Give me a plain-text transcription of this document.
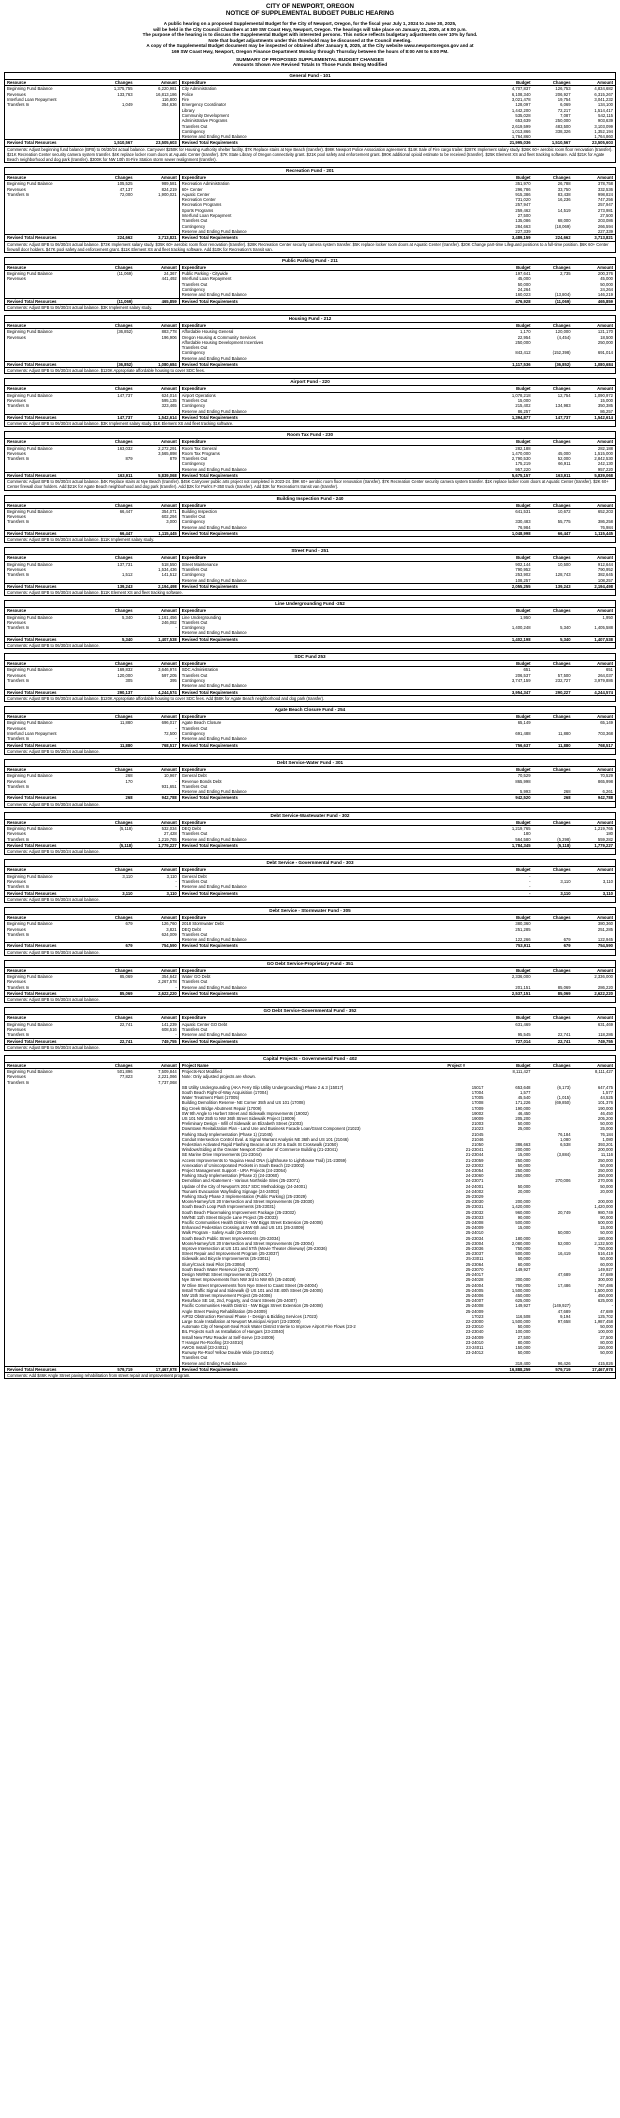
CITY OF NEWPORT, OREGON
NOTICE OF SUPPLEMENTAL BUDGET PUBLIC HEARING

A public hearing on a proposed Supplemental Budget for the City of Newport, Oregon, for the fiscal year July 1, 2024 to June 30, 2025,

will be held in the City Council Chambers at 169 SW Coast Hwy, Newport, Oregon. The hearings will take place on January 21, 2025, at 6:00 p.m.

The purpose of the hearing is to discuss the Supplemental Budget with interested persons. This notice reflects budgetary adjustments over 10% by fund.

Note that budget adjustments under this threshold may be discussed at the Council meeting.

A copy of the Supplemental Budget document may be inspected or obtained after January 8, 2025, at the City website www.newportoregon.gov and at

169 SW Coast Hwy, Newport, Oregon Finance Department Monday through Thursday between the hours of 8:00 AM to 6:00 PM.

SUMMARY OF PROPOSED SUPPLEMENTAL BUDGET CHANGES
Amounts Shown Are Revised Totals In Those Funds Being Modified
General Fund - 101
Resource	Changes	Amount	Expenditure	Budget	Changes	Amount
Beginning Fund Balance	1,375,755	6,220,981	City Administration	4,707,837	126,753	4,834,682
Revenues	133,763	16,813,186	Police	6,108,340	206,927	6,315,267
Interfund Loan Repayment		116,800	Fire	3,021,478	19,754	3,041,232
Transfers In	1,049	354,636	Emergency Coordinator	128,097	6,069	134,100
			Library	1,442,200	72,217	1,514,417
			Community Development	535,028	7,087	542,115
			Administrative Programs	653,639	250,000	903,639
			Transfers Out	2,619,599	483,500	3,103,099
			Contingency	1,013,866	338,326	1,352,194
			Reserve and Ending Fund Balance	1,764,860		1,764,860
Revised Total Resources	1,510,567	23,505,603	Revised Total Requirements	21,995,036	1,510,567	23,505,603
Comments: Adjust beginning fund balance (BFB) to 06/30/24 actual balance. Carryover $250K for Housing Authority shelter facility. $7K Replace stairs at Nye Beach (transfer). $98K Newport Police Association agreement. $14K Sale of Fire cargo trailer. $287K Implement salary study. $26K 60+ aerobic room floor renovation (transfer). $21K Recreation Center security camera system transfer. $4K replace locker room doors at Aquatic Center (transfer). $7K State Library of Oregon connectivity grant. $21K pool safety and enforcement grant. $90K additional opioid estimate to be received (transfer). $25K Element XS and fleet tracking software. Add $21K for Agate Beach neighborhood and dog park (transfer). $300K for NW 10th St-Fire Station storm sewer realignment (transfer).
Recreation Fund - 201
Resource	Changes	Amount	Expenditure	Budget	Changes	Amount
Beginning Fund Balance	105,525	989,581	Recreation Administration	351,970	26,788	378,758
Revenues	47,137	824,219	60+ Center	296,786	33,750	332,536
Transfers In	72,000	1,900,021	Aquatic Center	915,386	83,438	998,824
			Recreation Center	731,020	16,236	747,256
			Recreation Programs	257,947		257,947
			Sports Programs	259,462	14,519	273,981
			Interfund Loan Repayment	27,500		27,500
			Transfers Out	135,086	68,000	203,086
			Contingency	284,663	(18,069)	266,594
			Reserve and Ending Fund Balance	227,339		227,339
Revised Total Resources	224,662	3,713,821	Revised Total Requirements	3,489,159	224,662	3,713,821
Comments: Adjust BFB to 06/30/24 actual balance. $73K Implement salary study. $35K 60+ aerobic room floor renovation (transfer). $28K Recreation Center security camera system transfer. $5K replace locker room doors at Aquatic Center (transfer). $20K Change part-time Lifeguard positions to a full-time position. $6K 60+ Center firewall door holders. $47K pool safety and enforcement grant. $11K Element XS and fleet tracking software. Add $10K for Recreation's transit van.
Public Parking Fund - 211
Resource	Changes	Amount	Expenditure	Budget	Changes	Amount
Beginning Fund Balance	(11,069)	24,367	Public Parking - Citywide	197,641	2,735	200,376
Revenues		441,492	Interfund Loan Repayment	45,000		45,000
			Transfers Out	50,000		50,000
			Contingency	24,264		24,264
			Reserve and Ending Fund Balance	160,023	(13,804)	146,219
Revised Total Resources	(11,069)	465,859	Revised Total Requirements	476,928	(11,069)	465,859
Comments: Adjust BFB to 06/30/24 actual balance. $3K Implement salary study.
Housing Fund - 212
Resource	Changes	Amount	Expenditure	Budget	Changes	Amount
Beginning Fund Balance	(36,852)	883,778	Affordable Housing General	1,170	120,000	121,170
Revenues		196,906	Oregon Housing & Community Services	22,954	(4,454)	18,500
			Affordable Housing Development Incentives	250,000		250,000
			Transfers Out			
			Contingency	843,412	(152,398)	691,014
			Reserve and Ending Fund Balance			
Revised Total Resources	(36,852)	1,080,684	Revised Total Requirements	1,117,536	(36,852)	1,080,684
Comments: Adjust BFB to 06/30/24 actual balance. $120K Appropriate affordable housing to cover SDC fees.
Airport Fund - 220
Resource	Changes	Amount	Expenditure	Budget	Changes	Amount
Beginning Fund Balance	147,737	624,014	Airport Operations	1,078,218	12,754	1,090,972
Revenues		595,135	Transfers Out	15,000		15,000
Transfers In		323,465	Contingency	215,402	134,983	350,385
			Reserve and Ending Fund Balance	86,257		86,257
Revised Total Resources	147,737	1,542,614	Revised Total Requirements	1,394,877	147,737	1,542,614
Comments: Adjust BFB to 06/30/24 actual balance. $3K Implement salary study. $1K Element XS and fleet tracking software.
Room Tax Fund - 230
Resource	Changes	Amount	Expenditure	Budget	Changes	Amount
Beginning Fund Balance	163,032	2,272,291	Room Tax General	282,188		282,188
Revenues		3,565,898	Room Tax Programs	1,470,000	45,000	1,515,000
Transfers In	879	879	Transfers Out	2,790,530	52,000	2,842,530
			Contingency	175,219	66,911	242,130
			Reserve and Ending Fund Balance	957,220		957,220
Revised Total Resources	163,911	5,839,068	Revised Total Requirements	5,675,157	163,911	5,839,068
Comments: Adjust BFB to 06/30/24 actual balance. $4K Replace stairs at Nye Beach (transfer). $45K Carryover public arts project not completed in 2023-24. $9K 60+ aerobic room floor renovation (transfer). $7K Recreation Center security camera system transfer. $1K replace locker room doors at Aquatic Center (transfer). $2K 60+ Center firewall door holders. Add $21K for Agate Beach neighborhood and dog park (transfer). Add $2K for Park's F-350 truck (transfer). Add $3K for Recreation's transit van (transfer).
Building Inspection Fund - 240
Resource	Changes	Amount	Expenditure	Budget	Changes	Amount
Beginning Fund Balance	66,447	354,071	Building Inspection	641,531	10,672	652,203
Revenues		602,294	Transfer Out			
Transfers In		3,000	Contingency	330,483	55,775	386,258
			Reserve and Ending Fund Balance	76,984		76,984
Revised Total Resources	66,447	1,115,445	Revised Total Requirements	1,048,998	66,447	1,115,445
Comments: Adjust BFB to 06/30/24 actual balance. $11K Implement salary study.
Street Fund - 251
Resource	Changes	Amount	Expenditure	Budget	Changes	Amount
Beginning Fund Balance	137,731	518,550	Street Maintenance	902,144	10,500	912,644
Revenues		1,534,436	Transfers Out	790,952		790,952
Transfers In	1,512	141,512	Contingency	253,902	128,743	382,645
			Reserve and Ending Fund Balance	108,257		108,257
Revised Total Resources	139,243	2,194,498	Revised Total Requirements	2,055,255	139,243	2,194,498
Comments: Adjust BFB to 06/30/24 actual balance. $11K Element XS and fleet tracking software.
Line Undergrounding Fund -252
Resource	Changes	Amount	Expenditure	Budget	Changes	Amount
Beginning Fund Balance	5,340	1,161,456	Line Undergrounding	1,950		1,950
Revenues		246,082	Transfers Out			
Transfers In		-	Contingency	1,400,248	5,340	1,405,588
			Reserve and Ending Fund Balance			
Revised Total Resources	5,340	1,407,538	Revised Total Requirements	1,402,198	5,340	1,407,538
Comments: Adjust BFB to 06/30/24 actual balance.
SDC Fund 253
Resource	Changes	Amount	Expenditure	Budget	Changes	Amount
Beginning Fund Balance	169,832	3,646,974	SDC Administration	651		651
Revenues	120,000	597,205	Transfers Out	206,537	57,500	264,037
Transfers In	305	395	Contingency	3,747,159	232,727	3,979,886
			Reserve and Ending Fund Balance			
Revised Total Resources	290,137	4,244,574	Revised Total Requirements	3,954,347	290,227	4,244,574
Comments: Adjust BFB to 06/30/24 actual balance. $120K Appropriate affordable housing to cover SDC fees. Add $58K for Agate Beach neighborhood and dog park (transfer).
Agate Beach Closure Fund - 254
Resource	Changes	Amount	Expenditure	Budget	Changes	Amount
Beginning Fund Balance	11,880	696,017	Agate Beach Closure	65,149		65,149
Revenues		-	Transfers Out			
Interfund Loan Repayment		72,500	Contingency	691,488	11,880	703,368
Transfers In		-	Reserve and Ending Fund Balance			
Revised Total Resources	11,880	768,517	Revised Total Requirements	756,637	11,880	768,517
Comments: Adjust BFB to 06/30/24 actual balance.
Debt Service-Water Fund - 301
Resource	Changes	Amount	Expenditure	Budget	Changes	Amount
Beginning Fund Balance	268	10,967	General Debt	70,529		70,529
Revenues	170	-	Revenue Bonds Debt	865,998		865,998
Transfers In		931,651	Transfers Out			
			Reserve and Ending Fund Balance	5,993	268	6,261
Revised Total Resources	268	942,788	Revised Total Requirements	942,520	268	942,788
Comments: Adjust BFB to 06/30/24 actual balance.
Debt Service-Wastewater Fund - 302
Resource	Changes	Amount	Expenditure	Budget	Changes	Amount
Beginning Fund Balance	(5,118)	532,034	DEQ Debt	1,219,765		1,219,765
Revenues		27,428	Transfers Out	180		180
Transfers In		1,219,765	Reserve and Ending Fund Balance	564,580	(5,298)	559,282
Revised Total Resources	(5,118)	1,779,227	Revised Total Requirements	1,784,345	(5,118)	1,779,227
Comments: Adjust BFB to 06/30/24 actual balance.
Debt Service - Governmental Fund - 303
Resource	Changes	Amount	Expenditure	Budget	Changes	Amount
Beginning Fund Balance	3,110	3,110	General Debt	-		
Revenues		-	Transfers Out	-	3,110	3,110
Transfers In		-	Reserve and Ending Fund Balance	-		
Revised Total Resources	3,110	3,110	Revised Total Requirements	-	3,110	3,110
Comments: Adjust BFB to 06/30/24 actual balance.
Debt Service - Stormwater Fund - 305
Resource	Changes	Amount	Expenditure	Budget	Changes	Amount
Beginning Fund Balance	679	126,760	2018 Stormwater Debt	380,360		380,360
Revenues		3,821	DEQ Debt	251,285		251,285
Transfers In		624,009	Transfers Out			
			Reserve and Ending Fund Balance	122,266	679	122,945
Revised Total Resources	679	754,590	Revised Total Requirements	753,911	679	754,590
Comments: Adjust BFB to 06/30/24 actual balance.
GO Debt Service-Proprietary Fund - 351
Resource	Changes	Amount	Expenditure	Budget	Changes	Amount
Beginning Fund Balance	85,069	354,642	Water GO Debt	2,336,000		2,336,000
Revenues		2,267,578	Transfers Out			
Transfers In		-	Reserve and Ending Fund Balance	201,151	85,069	286,220
Revised Total Resources	85,069	2,622,220	Revised Total Requirements	2,537,151	85,069	2,622,220
Comments: Adjust BFB to 06/30/24 actual balance.
GO Debt Service-Governmental Fund - 352
Resource	Changes	Amount	Expenditure	Budget	Changes	Amount
Beginning Fund Balance	22,741	141,239	Aquatic Center GO Debt	631,469		631,469
Revenues		608,516	Transfers Out			
Transfers In		-	Reserve and Ending Fund Balance	95,545	22,741	118,286
Revised Total Resources	22,741	749,755	Revised Total Requirements	727,014	22,741	749,755
Comments: Adjust BFB to 06/30/24 actual balance.
Capital Projects - Governmental Fund - 402
Resource	Changes	Amount	Project Name	Project #	Budget	Changes	Amount
Beginning Fund Balance	501,896	7,509,844	Projects-Not Modified		8,111,427		8,111,427
Revenues	77,823	2,221,066	Note: Only adjusted projects are shown.				
Transfers In		7,737,068					
			SB Utility Undergrounding (AKA Ferry Slip Utility Undergrounding) Phase 2 & 3 (15017)	15017	653,648	(6,173)	647,475
			South Beach Right-of-Way Acquisition (17004)	17004	1,577		1,577
			Water Treatment Plant (17005)	17005	45,540	(1,015)	44,525
			Building Demolition Reserve- NE Corner 35th and US 101 (17008)	17008	171,226	(69,850)	101,376
			Big Creek Bridge Abutment Repair (17009)	17009	190,000		190,000
			SW 9th Angle to Hurbert Street and Sidewalk Improvements (19002)	19002	46,450		46,450
			US 101 NW 25th to NW 36th Street Sidewalk Project (19009)	19009	205,200		205,200
			Preliminary Design - Infill of Sidewalk on Elizabeth Street (21003)	21003	50,000		50,000
			Downtown Revitalization Plan - Land Use and Business Facade Loan/Grant Component (21023)	21023	25,000		25,000
			Parking Study Implementation (Phase 1) (21045)	21045		76,184	76,184
			Conduit Intersection Control Eval. & Signal Warrant Analysis NE 36th and US 101 (21046)	21046		1,080	1,080
			Pedestrian Activated Rapid Flashing Beacon at US 20 & Eads St Crosswalk (21050)	21050	386,663	6,538	393,201
			Windows/Siding at the Greater Newport Chamber of Commerce Building (21-23041)	21-23041	200,000		200,000
			SE Marine Drive Improvements (21-23044)	21-23044	15,000	(3,884)	11,116
			Access Improvements to Yaquina Head ONA (Lighthouse to Lighthouse Trail) (21-23059)	21-23059	250,000		250,000
			Annexation of Unincorporated Pockets in South Beach (22-23002)	22-23002	50,000		50,000
			Project Management Support - URA Projects (24-23054)	24-23054	250,000		250,000
			Parking Study Implementation (Phase 2) (24-23060)	24-23060	250,000		250,000
			Demolition and Abatement - Various Northside Sites (25-23071)	24-23071		270,006	270,006
			Update of the City of Newport's 2017 SDC Methodology (24-24001)	24-24001	50,000		50,000
			Tsunami Evacuation Wayfinding Signage (24-24002)	24-24002	20,000		20,000
			Parking Study Phase 2 Implementation (Public Parking) (25-23029)	25-23029			
			Moore/Harney/US 20 Intersection and Street Improvements (25-23030)	25-23030	200,000		200,000
			South Beach Loop Path Improvements (25-23031)	25-23031	1,420,000		1,420,000
			South Beach Placemaking Improvement Package (25-23032)	25-23032	960,000	20,749	980,749
			NW/NE 11th Street Bicycle Lane Project (25-23033)	25-23033	90,000		90,000
			Pacific Communities Health District - NW Biggs Street Extension (25-24008)	25-24008	500,000		500,000
			Enhanced Pedestrian Crossing at NW 6th and US 101 (25-24009)	25-24009	15,000		15,000
			Walk Program - Safety Audit (25-24010)	25-24010		50,000	50,000
			South Beach Public Street Improvements (25-23034)	25-23034	180,000		180,000
			Moore/Harney/US 20 Intersection and Street Improvements (25-23004)	25-23004	2,080,000	52,000	2,132,500
			Improve Intersection at US 101 and 57th (Movie Theater driveway) (25-23036)	25-23036	750,000		750,000
			Street Repair and Improvement Program (25-23037)	25-23037	500,000	16,419	516,419
			Sidewalk and Bicycle Improvements (25-23011)	25-23011	50,000		50,000
			Slurry/Crack Seal Pilot (25-23064)	25-23064	60,000		60,000
			South Beach Water Reservoir (25-23070)	25-23070	149,927		149,927
			Design NW/NE Street Improvements (25-24017)	25-24017		47,689	47,689
			Nye Street Improvements from NW 3rd to NW 6th (25-24028)	25-24028	300,000		300,000
			W Olive Street Improvements from Nye Street to Coast Street (25-24004)	25-24004	750,000	17,486	767,486
			Install Traffic Signal and Sidewalk @ US 101 and SE 40th Street (25-24005)	25-24005	1,500,000		1,500,000
			NW 15th Street Improvement Project (25-24006)	25-24006	450,000		450,000
			Resurface SE 1st, 2nd, Fogarty, and Grant Streets (25-24007)	25-24007	625,000		625,000
			Pacific Communities Health District - NW Biggs Street Extension (25-24008)	25-24008	149,927	(149,927)	-
			Angle Street Paving Rehabilitation (25-24009)	25-24009		47,689	47,689
			AIP32 Obstruction Removal Phase I - Design & Bidding Services (17023)	17023	116,508	9,194	125,702
			Large Scale Installation at Newport Municipal Airport (23-23000)	22-23000	1,500,000	97,658	1,987,458
			Automate City of Newport-Seal Rock Water District Intertie to Improve Airport Fire Flows (23-2	23-23010	50,000		50,000
			BIL Projects such as Installation of Hangars (23-23040)	23-23040	100,000		100,000
			Install New FMU Reader at Self-Serve (23-24009)	23-24009	27,500		27,500
			T Hangar Re-Roofing (23-24010)	23-24010	80,000		80,000
			AWOS Install (23-24011)	23-24011	150,000		150,000
			Runway Re-Roof Yellow Double Wide (23-24012)	23-24012	50,000		50,000
			Transfers Out				
			Reserve and Ending Fund Balance		319,400	96,426	415,826
Revised Total Resources	579,719	17,467,978	Revised Total Requirements		16,888,259	579,719	17,467,978
Comments: Add $46K Angle Street paving rehabilitation from street repair and improvement program.
